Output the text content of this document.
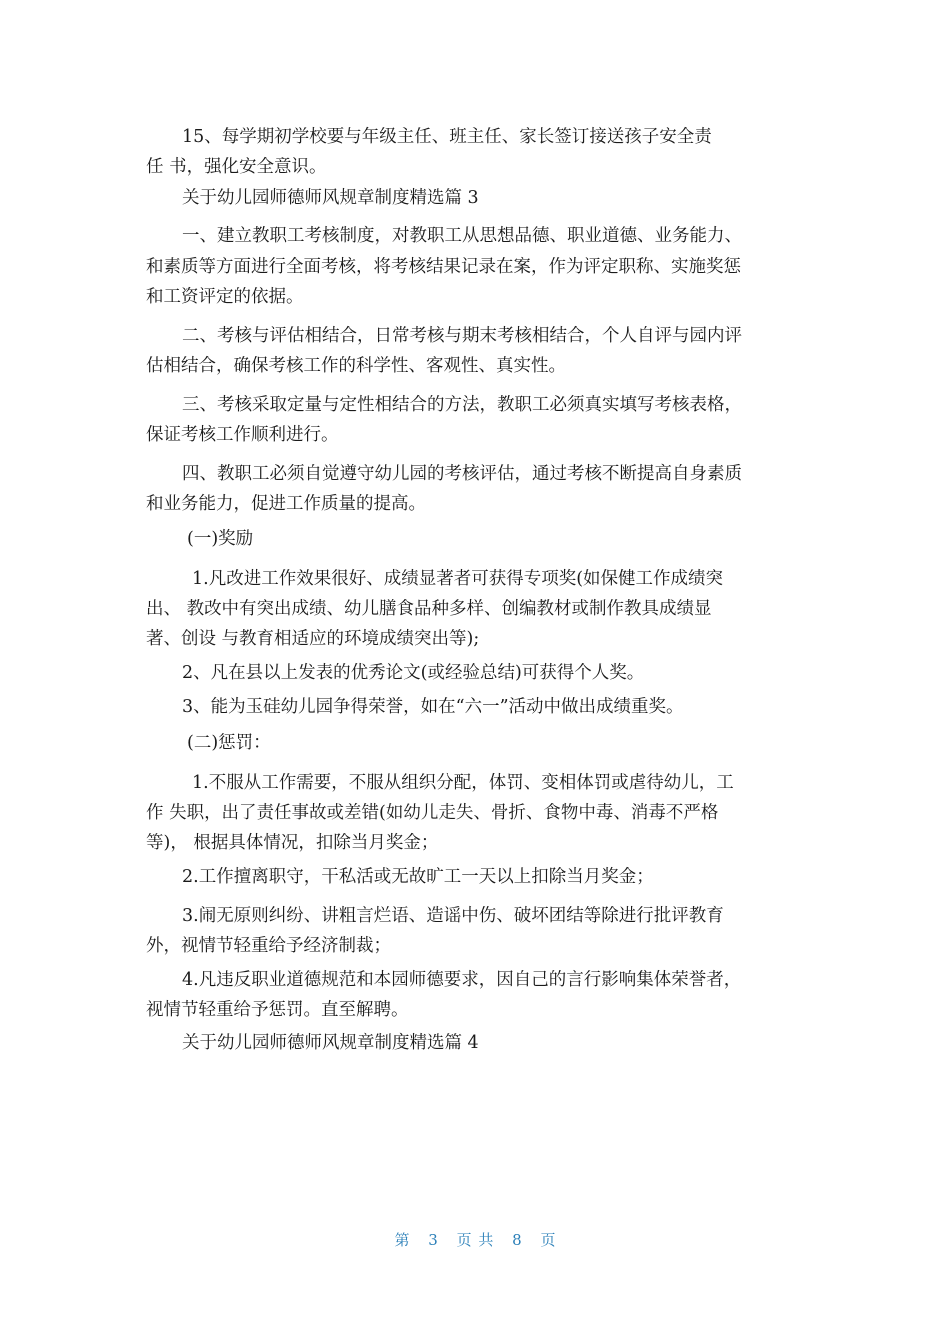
15、每学期初学校要与年级主任、班主任、家长签订接送孩子安全责
任 书，强化安全意识。
关于幼儿园师德师风规章制度精选篇 3
一、建立教职工考核制度，对教职工从思想品德、职业道德、业务能力、
和素质等方面进行全面考核，将考核结果记录在案，作为评定职称、实施奖惩
和工资评定的依据。
二、考核与评估相结合，日常考核与期末考核相结合，个人自评与园内评
估相结合，确保考核工作的科学性、客观性、真实性。
三、考核采取定量与定性相结合的方法，教职工必须真实填写考核表格，
保证考核工作顺利进行。
四、教职工必须自觉遵守幼儿园的考核评估，通过考核不断提高自身素质
和业务能力，促进工作质量的提高。
(一)奖励
1.凡改进工作效果很好、成绩显著者可获得专项奖(如保健工作成绩突
出、 教改中有突出成绩、幼儿膳食品种多样、创编教材或制作教具成绩显
著、创设 与教育相适应的环境成绩突出等);
2、凡在县以上发表的优秀论文(或经验总结)可获得个人奖。
3、能为玉硅幼儿园争得荣誉，如在“六一”活动中做出成绩重奖。
(二)惩罚：
1.不服从工作需要，不服从组织分配，体罚、变相体罚或虐待幼儿，工
作 失职，出了责任事故或差错(如幼儿走失、骨折、食物中毒、消毒不严格
等)， 根据具体情况，扣除当月奖金；
2.工作擅离职守，干私活或无故旷工一天以上扣除当月奖金；
3.闹无原则纠纷、讲粗言烂语、造谣中伤、破坏团结等除进行批评教育
外，视情节轻重给予经济制裁；
4.凡违反职业道德规范和本园师德要求，因自己的言行影响集体荣誉者，
视情节轻重给予惩罚。直至解聘。
关于幼儿园师德师风规章制度精选篇 4
第 3 页 共 8 页
